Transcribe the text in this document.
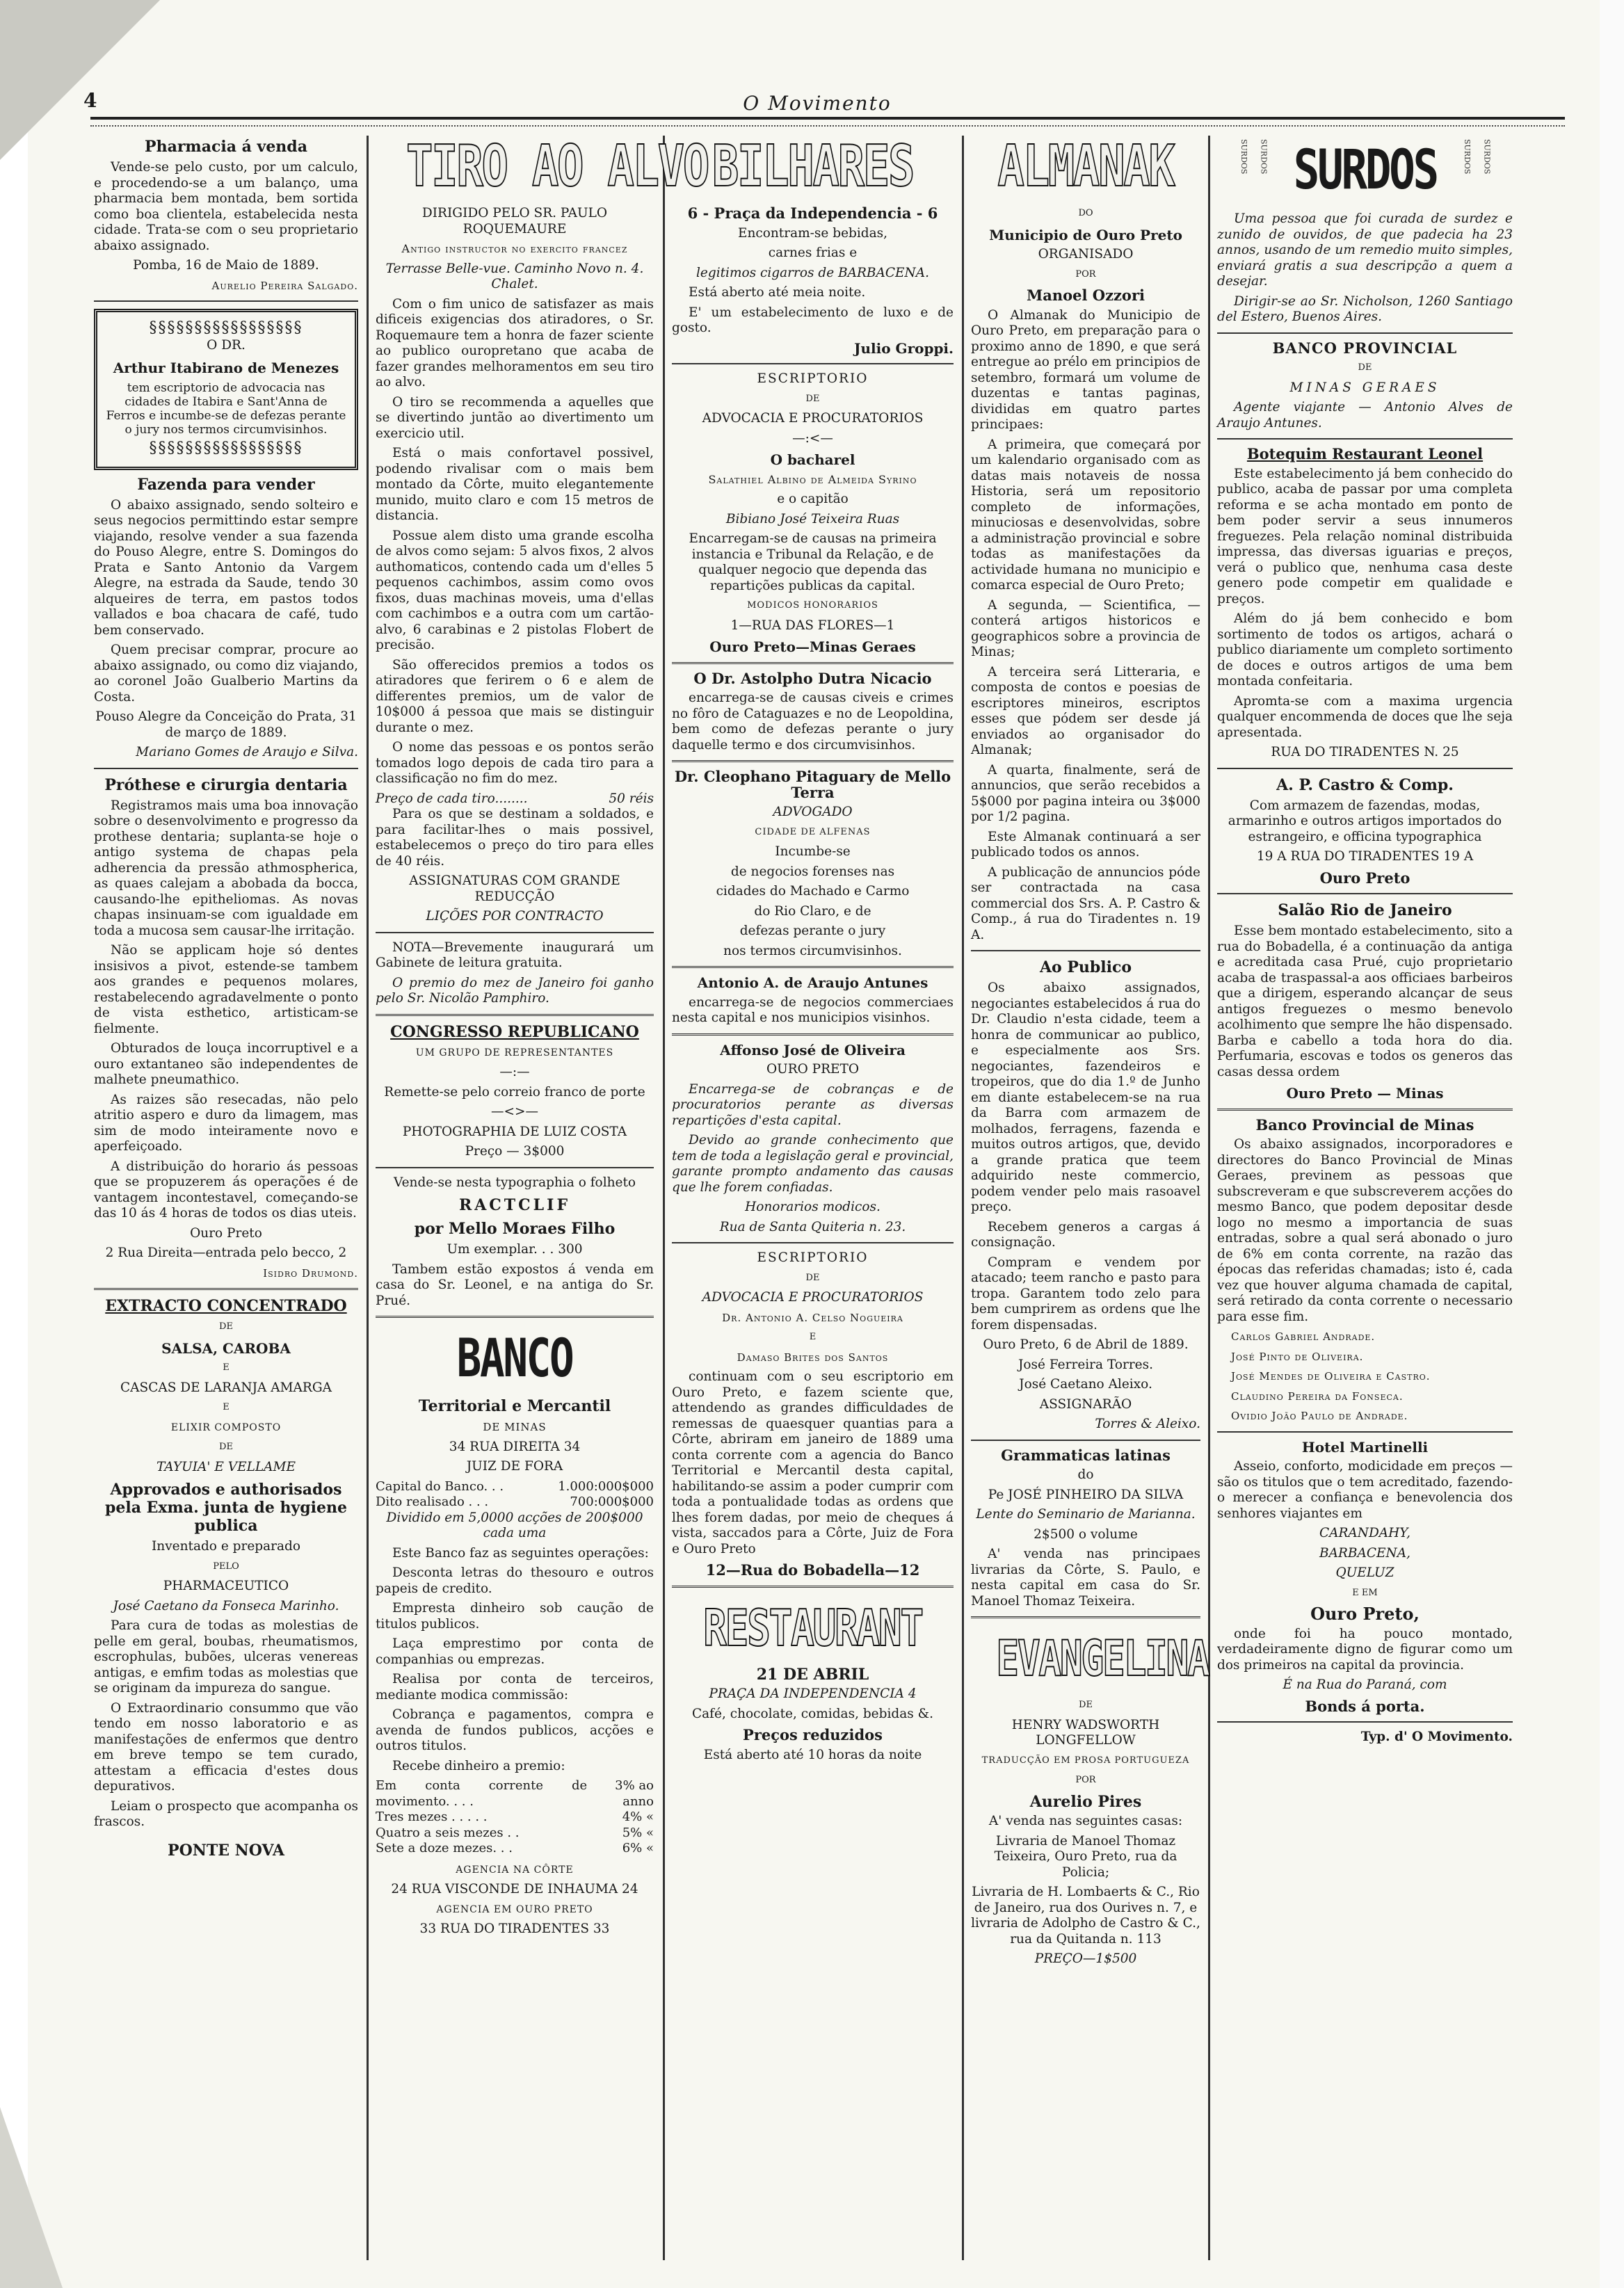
4	O Movimento
Pharmacia á venda

Vende-se pelo custo, por um calculo, e procedendo-se a um balanço, uma pharmacia bem montada, bem sortida como boa clientela, estabelecida nesta cidade. Trata-se com o seu proprietario abaixo assignado.

Pomba, 16 de Maio de 1889.

Aurelio Pereira Salgado.

§§§§§§§§§§§§§§§§§

O DR.

Arthur Itabirano de Menezes

tem escriptorio de advocacia nas cidades de Itabira e Sant'Anna de Ferros e incumbe-se de defezas perante o jury nos termos circumvisinhos.

§§§§§§§§§§§§§§§§§
Fazenda para vender

O abaixo assignado, sendo solteiro e seus negocios permittindo estar sempre viajando, resolve vender a sua fazenda do Pouso Alegre, entre S. Domingos do Prata e Santo Antonio da Vargem Alegre, na estrada da Saude, tendo 30 alqueires de terra, em pastos todos vallados e boa chacara de café, tudo bem conservado.

Quem precisar comprar, procure ao abaixo assignado, ou como diz viajando, ao coronel João Gualberio Martins da Costa.

Pouso Alegre da Conceição do Prata, 31 de março de 1889.

Mariano Gomes de Araujo e Silva.

Próthese e cirurgia dentaria

Registramos mais uma boa innovação sobre o desenvolvimento e progresso da prothese dentaria; suplanta-se hoje o antigo systema de chapas pela adherencia da pressão athmospherica, as quaes calejam a abobada da bocca, causando-lhe epitheliomas. As novas chapas insinuam-se com igualdade em toda a mucosa sem causar-lhe irritação.

Não se applicam hoje só dentes insisivos a pivot, estende-se tambem aos grandes e pequenos molares, restabelecendo agradavelmente o ponto de vista esthetico, artisticam-se fielmente.

Obturados de louça incorruptivel e a ouro extantaneo são independentes de malhete pneumathico.

As raizes são resecadas, não pelo atritio aspero e duro da limagem, mas sim de modo inteiramente novo e aperfeiçoado.

A distribuição do horario ás pessoas que se propuzerem ás operações é de vantagem incontestavel, começando-se das 10 ás 4 horas de todos os dias uteis.

Ouro Preto

2 Rua Direita—entrada pelo becco, 2

Isidro Drumond.

EXTRACTO CONCENTRADO

DE

SALSA, CAROBA

E

CASCAS DE LARANJA AMARGA

E

ELIXIR COMPOSTO

DE

TAYUIA' E VELLAME

Approvados e authorisados pela Exma. junta de hygiene publica

Inventado e preparado

PELO

PHARMACEUTICO

José Caetano da Fonseca Marinho.

Para cura de todas as molestias de pelle em geral, boubas, rheumatismos, escrophulas, bubões, ulceras venereas antigas, e emfim todas as molestias que se originam da impureza do sangue.

O Extraordinario consummo que vão tendo em nosso laboratorio e as manifestações de enfermos que dentro em breve tempo se tem curado, attestam a efficacia d'estes dous depurativos.

Leiam o prospecto que acompanha os frascos.

PONTE NOVA
TIRO AO ALVO

DIRIGIDO PELO SR. PAULO ROQUEMAURE

Antigo instructor no exercito francez

Terrasse Belle-vue. Caminho Novo n. 4. Chalet.

Com o fim unico de satisfazer as mais dificeis exigencias dos atiradores, o Sr. Roquemaure tem a honra de fazer sciente ao publico ouropretano que acaba de fazer grandes melhoramentos em seu tiro ao alvo.

O tiro se recommenda a aquelles que se divertindo juntão ao divertimento um exercicio util.

Está o mais confortavel possivel, podendo rivalisar com o mais bem montado da Côrte, muito elegantemente munido, muito claro e com 15 metros de distancia.

Possue alem disto uma grande escolha de alvos como sejam: 5 alvos fixos, 2 alvos authomaticos, contendo cada um d'elles 5 pequenos cachimbos, assim como ovos fixos, duas machinas moveis, uma d'ellas com cachimbos e a outra com um cartão-alvo, 6 carabinas e 2 pistolas Flobert de precisão.

São offerecidos premios a todos os atiradores que ferirem o 6 e alem de differentes premios, um de valor de 10$000 á pessoa que mais se distinguir durante o mez.

O nome das pessoas e os pontos serão tomados logo depois de cada tiro para a classificação no fim do mez.

Preço de cada tiro........	50 réis

Para os que se destinam a soldados, e para facilitar-lhes o mais possivel, estabelecemos o preço do tiro para elles de 40 réis.

ASSIGNATURAS COM GRANDE REDUCÇÃO

LIÇÕES POR CONTRACTO

NOTA—Brevemente inaugurará um Gabinete de leitura gratuita.

O premio do mez de Janeiro foi ganho pelo Sr. Nicolão Pamphiro.

CONGRESSO REPUBLICANO

UM GRUPO DE REPRESENTANTES

—:—

Remette-se pelo correio franco de porte

—<>—

PHOTOGRAPHIA DE LUIZ COSTA

Preço — 3$000

Vende-se nesta typographia o folheto

RACTCLIF
por Mello Moraes Filho

Um exemplar. . . 300

Tambem estão expostos á venda em casa do Sr. Leonel, e na antiga do Sr. Prué.

BANCO
Territorial e Mercantil

DE MINAS

34 RUA DIREITA 34

JUIZ DE FORA

Capital do Banco. . .	1.000:000$000
Dito realisado . . .	700:000$000

Dividido em 5,0000 acções de 200$000 cada uma

Este Banco faz as seguintes operações:

Desconta letras do thesouro e outros papeis de credito.

Empresta dinheiro sob caução de titulos publicos.

Laça emprestimo por conta de companhias ou emprezas.

Realisa por conta de terceiros, mediante modica commissão:

Cobrança e pagamentos, compra e avenda de fundos publicos, acções e outros titulos.

Recebe dinheiro a premio:

Em conta corrente de movimento. . . .	3% ao anno
Tres mezes . . . . .	4% «
Quatro a seis mezes . .	5% «
Sete a doze mezes. . .	6% «

AGENCIA NA CÔRTE

24 RUA VISCONDE DE INHAUMA 24

AGENCIA EM OURO PRETO

33 RUA DO TIRADENTES 33

BILHARES
6 - Praça da Independencia - 6

Encontram-se bebidas,

carnes frias e

legitimos cigarros de BARBACENA.

Está aberto até meia noite.

E' um estabelecimento de luxo e de gosto.

Julio Groppi.

ESCRIPTORIO

DE

ADVOCACIA E PROCURATORIOS

—:<—

O bacharel

Salathiel Albino de Almeida Syrino

e o capitão

Bibiano José Teixeira Ruas

Encarregam-se de causas na primeira instancia e Tribunal da Relação, e de qualquer negocio que dependa das repartições publicas da capital.

MODICOS HONORARIOS

1—RUA DAS FLORES—1

Ouro Preto—Minas Geraes
O Dr. Astolpho Dutra Nicacio

encarrega-se de causas civeis e crimes no fôro de Cataguazes e no de Leopoldina, bem como de defezas perante o jury daquelle termo e dos circumvisinhos.

Dr. Cleophano Pitaguary de Mello Terra

ADVOGADO

CIDADE DE ALFENAS

Incumbe-se

de negocios forenses nas

cidades do Machado e Carmo

do Rio Claro, e de

defezas perante o jury

nos termos circumvisinhos.

Antonio A. de Araujo Antunes

encarrega-se de negocios commerciaes nesta capital e nos municipios visinhos.

Affonso José de Oliveira

OURO PRETO

Encarrega-se de cobranças e de procuratorios perante as diversas repartições d'esta capital.

Devido ao grande conhecimento que tem de toda a legislação geral e provincial, garante prompto andamento das causas que lhe forem confiadas.

Honorarios modicos.

Rua de Santa Quiteria n. 23.

ESCRIPTORIO

DE

ADVOCACIA E PROCURATORIOS

Dr. Antonio A. Celso Nogueira

E

Damaso Brites dos Santos

continuam com o seu escriptorio em Ouro Preto, e fazem sciente que, attendendo as grandes difficuldades de remessas de quaesquer quantias para a Côrte, abriram em janeiro de 1889 uma conta corrente com a agencia do Banco Territorial e Mercantil desta capital, habilitando-se assim a poder cumprir com toda a pontualidade todas as ordens que lhes forem dadas, por meio de cheques á vista, saccados para a Côrte, Juiz de Fora e Ouro Preto

12—Rua do Bobadella—12
RESTAURANT
21 DE ABRIL

PRAÇA DA INDEPENDENCIA 4

Café, chocolate, comidas, bebidas &.

Preços reduzidos

Está aberto até 10 horas da noite

ALMANAK

DO

Municipio de Ouro Preto

ORGANISADO

POR

Manoel Ozzori

O Almanak do Municipio de Ouro Preto, em preparação para o proximo anno de 1890, e que será entregue ao prélo em principios de setembro, formará um volume de duzentas e tantas paginas, divididas em quatro partes principaes:

A primeira, que começará por um kalendario organisado com as datas mais notaveis de nossa Historia, será um repositorio completo de informações, minuciosas e desenvolvidas, sobre a administração provincial e sobre todas as manifestações da actividade humana no municipio e comarca especial de Ouro Preto;

A segunda, — Scientifica, — conterá artigos historicos e geographicos sobre a provincia de Minas;

A terceira será Litteraria, e composta de contos e poesias de escriptores mineiros, escriptos esses que pódem ser desde já enviados ao organisador do Almanak;

A quarta, finalmente, será de annuncios, que serão recebidos a 5$000 por pagina inteira ou 3$000 por 1/2 pagina.

Este Almanak continuará a ser publicado todos os annos.

A publicação de annuncios póde ser contractada na casa commercial dos Srs. A. P. Castro & Comp., á rua do Tiradentes n. 19 A.

Ao Publico

Os abaixo assignados, negociantes estabelecidos á rua do Dr. Claudio n'esta cidade, teem a honra de communicar ao publico, e especialmente aos Srs. negociantes, fazendeiros e tropeiros, que do dia 1.º de Junho em diante estabelecem-se na rua da Barra com armazem de molhados, ferragens, fazenda e muitos outros artigos, que, devido a grande pratica que teem adquirido neste commercio, podem vender pelo mais rasoavel preço.

Recebem generos a cargas á consignação.

Compram e vendem por atacado; teem rancho e pasto para tropa. Garantem todo zelo para bem cumprirem as ordens que lhe forem dispensadas.

Ouro Preto, 6 de Abril de 1889.

José Ferreira Torres.

José Caetano Aleixo.

ASSIGNARÃO

Torres & Aleixo.

Grammaticas latinas

do

Pe JOSÉ PINHEIRO DA SILVA

Lente do Seminario de Marianna.

2$500 o volume

A' venda nas principaes livrarias da Côrte, S. Paulo, e nesta capital em casa do Sr. Manoel Thomaz Teixeira.

EVANGELINA

DE

HENRY WADSWORTH LONGFELLOW

TRADUCÇÃO EM PROSA PORTUGUEZA

POR

Aurelio Pires

A' venda nas seguintes casas:

Livraria de Manoel Thomaz Teixeira, Ouro Preto, rua da Policia;

Livraria de H. Lombaerts & C., Rio de Janeiro, rua dos Ourives n. 7, e livraria de Adolpho de Castro & C., rua da Quitanda n. 113

PREÇO—1$500

SURDOS	SURDOS SURDOS	SURDOS	SURDOS

Uma pessoa que foi curada de surdez e zunido de ouvidos, de que padecia ha 23 annos, usando de um remedio muito simples, enviará gratis a sua descripção a quem a desejar.

Dirigir-se ao Sr. Nicholson, 1260 Santiago del Estero, Buenos Aires.

BANCO PROVINCIAL

DE

MINAS GERAES

Agente viajante — Antonio Alves de Araujo Antunes.

Botequim Restaurant Leonel

Este estabelecimento já bem conhecido do publico, acaba de passar por uma completa reforma e se acha montado em ponto de bem poder servir a seus innumeros freguezes. Pela relação nominal distribuida impressa, das diversas iguarias e preços, verá o publico que, nenhuma casa deste genero pode competir em qualidade e preços.

Além do já bem conhecido e bom sortimento de todos os artigos, achará o publico diariamente um completo sortimento de doces e outros artigos de uma bem montada confeitaria.

Apromta-se com a maxima urgencia qualquer encommenda de doces que lhe seja apresentada.

RUA DO TIRADENTES N. 25

A. P. Castro & Comp.

Com armazem de fazendas, modas, armarinho e outros artigos importados do estrangeiro, e officina typographica

19 A RUA DO TIRADENTES 19 A

Ouro Preto
Salão Rio de Janeiro

Esse bem montado estabelecimento, sito a rua do Bobadella, é a continuação da antiga e acreditada casa Prué, cujo proprietario acaba de traspassal-a aos officiaes barbeiros que a dirigem, esperando alcançar de seus antigos freguezes o mesmo benevolo acolhimento que sempre lhe hão dispensado. Barba e cabello a toda hora do dia. Perfumaria, escovas e todos os generos das casas dessa ordem

Ouro Preto — Minas
Banco Provincial de Minas

Os abaixo assignados, incorporadores e directores do Banco Provincial de Minas Geraes, previnem as pessoas que subscreveram e que subscreverem acções do mesmo Banco, que podem depositar desde logo no mesmo a importancia de suas entradas, sobre a qual será abonado o juro de 6% em conta corrente, na razão das épocas das referidas chamadas; isto é, cada vez que houver alguma chamada de capital, será retirado da conta corrente o necessario para esse fim.

Carlos Gabriel Andrade.

José Pinto de Oliveira.

José Mendes de Oliveira e Castro.

Claudino Pereira da Fonseca.

Ovidio João Paulo de Andrade.

Hotel Martinelli

Asseio, conforto, modicidade em preços — são os titulos que o tem acreditado, fazendo-o merecer a confiança e benevolencia dos senhores viajantes em

CARANDAHY,

BARBACENA,

QUELUZ

E EM

Ouro Preto,

onde foi ha pouco montado, verdadeiramente digno de figurar como um dos primeiros na capital da provincia.

É na Rua do Paraná, com

Bonds á porta.

Typ. d' O Movimento.
